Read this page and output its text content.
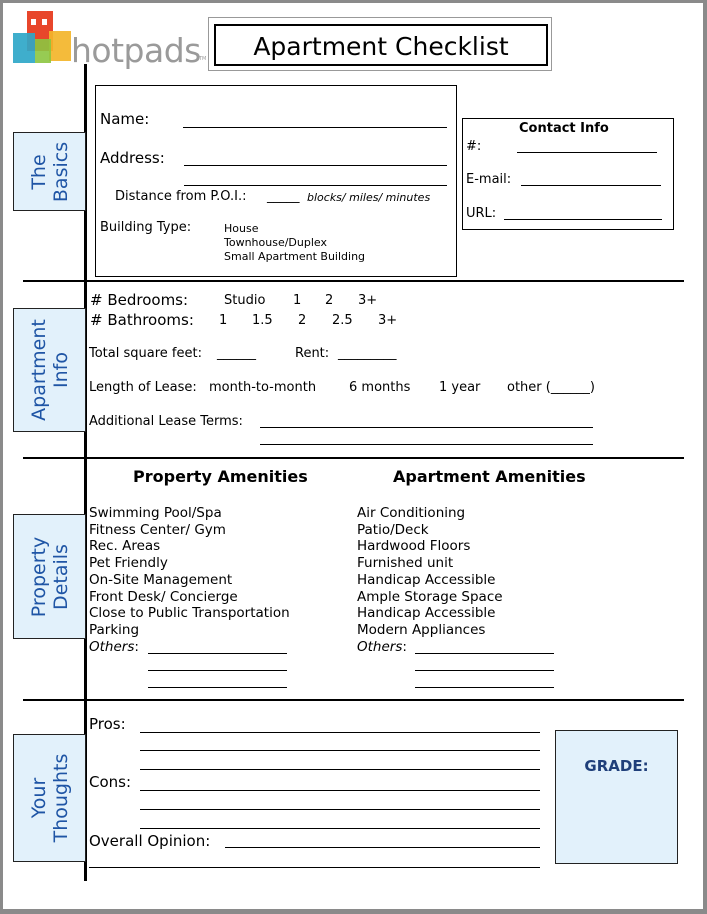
hotpads
TM	Apartment Checklist
The Basics
Apartment Info
Property Details
Your Thoughts
Name:
Address:
Distance from P.O.I.: _____ blocks/ miles/ minutes
Building Type:	House
Townhouse/Duplex
Small Apartment Building
Contact Info
#:
E-mail:
URL:
# Bedrooms:	Studio 1 2 3+
# Bathrooms: 1 1.5 2 2.5 3+
Total square feet: ______	Rent: _________
Length of Lease: month-to-month	6 months 1 year other (______)
Additional Lease Terms:
Property Amenities	Apartment Amenities
Swimming Pool/Spa
Fitness Center/ Gym
Rec. Areas
Pet Friendly
On-Site Management
Front Desk/ Concierge
Close to Public Transportation
Parking
Others:
Air Conditioning
Patio/Deck
Hardwood Floors
Furnished unit
Handicap Accessible
Ample Storage Space
Handicap Accessible
Modern Appliances
Others:
Pros:
Cons:
Overall Opinion:
GRADE:
